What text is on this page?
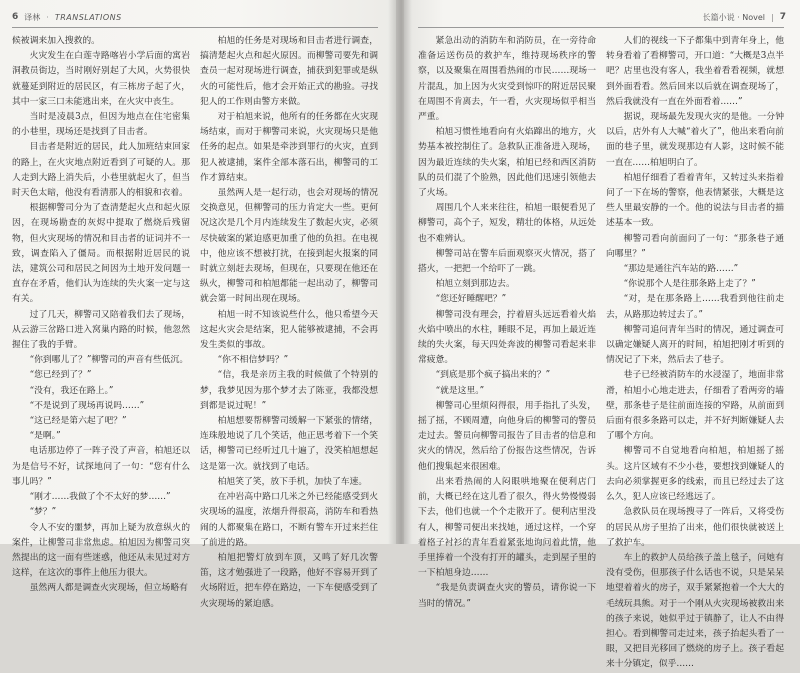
6 译林 · TRANSLATIONS

候被调来加入搜救的。

火灾发生在白莲寺路喀岩小学后面的寓岩洞教员街边，当时刚好别起了大风，火势很快就蔓延到附近的居民区，有三栋房子起了火，其中一家三口未能逃出来，在火灾中丧生。

当时是凌晨3点，但因为地点在住宅密集的小巷里，现场还是找到了目击者。

目击者是附近的居民，此人加班结束回家的路上，在火灾地点附近看到了可疑的人。那人走到大路上消失后，小巷里就起火了，但当时天色太暗，他没有看清那人的相貌和衣着。

根据柳警司分为了查清楚起火点和起火原因，在现场勘查的灰烬中提取了燃烧后残留物，但火灾现场的情况和目击者的证词并不一致，调查陷入了僵局。而根据附近居民的说法，建筑公司和居民之间因为土地开发问题一直存在矛盾，他们认为连续的失火案一定与这有关。

过了几天，柳警司又陪着我们去了现场，从云游三岔路口进入窝巢内路的时候，他忽然握住了我的手臂。

“你到哪儿了？”柳警司的声音有些低沉。

“您已经到了？”

“没有，我还在路上。”

“不是说到了现场再说吗……”

“这已经是第六起了吧？”

“是啊。”

电话那边停了一阵子没了声音，柏旭还以为是信号不好，试探地问了一句：“您有什么事儿吗？”

“刚才……我做了个不太好的梦……”

“梦？”

令人不安的噩梦，再加上疑为放意纵火的案件，让柳警司非常焦虑。柏旭因为柳警司突然提出的这一面有些迷惑，他还从未见过对方这样，在这次的事件上他压力很大。

虽然两人都是调查火灾现场，但立场略有

柏旭的任务是对现场和目击者进行调查，搞清楚起火点和起火原因。而柳警司要先和调查员一起对现场进行调查，捕获到犯罪或是纵火的可能性后，他才会开始正式的勘验。寻找犯人的工作则由警方来做。

对于柏旭来说，他所有的任务都在火灾现场结束，而对于柳警司来说，火灾现场只是他任务的起点。如果是牵涉到罪行的火灾，直到犯人被逮捕，案件全部本落石出，柳警司的工作才算结束。

虽然两人是一起行动，也会对现场的情况交换意见，但柳警司的压力肯定大一些。更何况这次是几个月内连续发生了数起火灾，必须尽快破案的紧迫感更加重了他的负担。在电视中，他应该不想被打扰，在接到起火报案的同时就立刻赶去现场，但现在，只要现在他还在纵火，柳警司和柏旭都能一起出动了，柳警司就会第一时间出现在现场。

柏旭一时不知该说些什么，他只希望今天这起火灾会是结案，犯人能够被逮捕，不会再发生类似的事故。

“你不相信梦吗？”

“信，我是亲历主我的时候做了个特别的梦，我梦见因为那个梦才去了陈亚，我都没想到都是说过呢！”

柏旭想要帮柳警司缓解一下紧张的情绪，连珠般地说了几个笑话，他正思考着下一个笑话，柳警司已经听过几十遍了，没笑柏旭想起这是第一次。就找到了电话。

柏旭笑了笑，放下手机，加快了车速。

在冲岩高中路口几米之外已经能感受到火灾现场的温度，浓烟升得很高，消防车和看热闹的人都聚集在路口，不断有警车开过来拦住了前进的路。

柏旭把警灯放到车顶，又鸣了好几次警笛，这才勉强进了一段路，他好不容易开到了火场附近，把车停在路边，一下车便感受到了火灾现场的紧迫感。

长篇小说 · Novel | 7

紧急出动的消防车和消防员，在一旁待命准备运送伤员的救护车，维持现场秩序的警察，以及聚集在周围看热闹的市民……现场一片混乱，加上因为火灾受到惊吓的附近居民聚在周围不肯离去，午一看，火灾现场似乎相当严重。

柏旭习惯性地看向有火焰蹿出的地方，火势基本被控制住了。急救队正准备进入现场，因为最近连续的失火案，柏旭已经和西区消防队的员们混了个脸熟，因此他们迅速引领他去了火场。

周围几个人来来往往，柏旭一眼便看见了柳警司，高个子，短发，精壮的体格，从远处也不难辨认。

柳警司站在警车后面观察灭火情况，搭了搭火，一把把一个给吓了一跳。

柏旭立刻到那边去。

“您还好睡醒吧？”

柳警司没有理会，拧着眉头远远看着火焰火焰中喷出的水柱，睡眼不足，再加上最近连续的失火案，每天四处奔波的柳警司看起来非常疲惫。

“到底是那个疯子搞出来的？”

“就是这里。”

柳警司心里烦闷得很，用手指扎了头发，摇了摇，不顾周遭，向他身后的柳警司的警员走过去。警员向柳警司报告了目击者的信息和灾火的情况，然后给了份报告这些情况，告诉他们搜集起来很困难。

出来看热闹的人闷眼哄地聚在便利店门前，大概已经在这儿看了很久，得火势慢慢弱下去，他们也就一个个走散开了。便利店里没有人，柳警司便出来找她，通过这样，一个穿着格子衬衫的青年看着紧张地询问着此情，他手里捧着一个没有打开的罐头，走到屋子里的一下柏旭身边……

“我是负责调查火灾的警员，请你说一下当时的情况。”

人们的视线一下子都集中到青年身上，他转身看着了看柳警司，开口道：“大概是3点半吧？店里也没有客人，我坐着看看视频，就想到外面看看。然后回来以后就在调查现场了，然后我就没有一直在外面看着……”

据说，现场最先发现火灾的是他。一分钟以后，店外有人大喊“着火了”，他出来看向前面的巷子里，就发现那边有人影，这时候不能一直在……柏旭明白了。

柏旭仔细看了看着青年，又转过头来指着问了一下在场的警察，他表情紧张，大概是这些人里最安静的一个。他的说法与目击者的描述基本一致。

柳警司看向前面问了一句：“那条巷子通向哪里？”

“那边是通往汽车站的路……”

“你说那个人是往那条路上走了？”

“对，是在那条路上……我看到他往前走去，从路那边转过去了。”

柳警司追问青年当时的情况，通过调查可以确定嫌疑人离开的时间，柏旭把刚才听到的情况记了下来，然后去了巷子。

巷子已经被消防车的水浸湿了，地面非常滑，柏旭小心地走进去，仔细看了看两旁的墙壁，那条巷子是往前面连接的窄路，从前面到后面有很多条路可以走，并不好判断嫌疑人去了哪个方向。

柳警司不自觉地看向柏旭，柏旭摇了摇头。这片区域有不少小巷，要想找到嫌疑人的去向必须掌握更多的线索，而且已经过去了这么久，犯人应该已经逃远了。

急救队员在现场搜寻了一阵后，又将受伤的居民从房子里抬了出来，他们很快就被送上了救护车。

车上的救护人员给孩子盖上毯子，问她有没有受伤，但那孩子什么话也不说，只是呆呆地望着着火的房子，双手紧紧抱着一个大大的毛绒玩具熊。对于一个刚从火灾现场被救出来的孩子来说，她似乎过于镇静了，让人不由得担心。看到柳警司走过来，孩子抬起头看了一眼，又把目光移回了燃烧的房子上。孩子看起来十分镇定，似乎……
